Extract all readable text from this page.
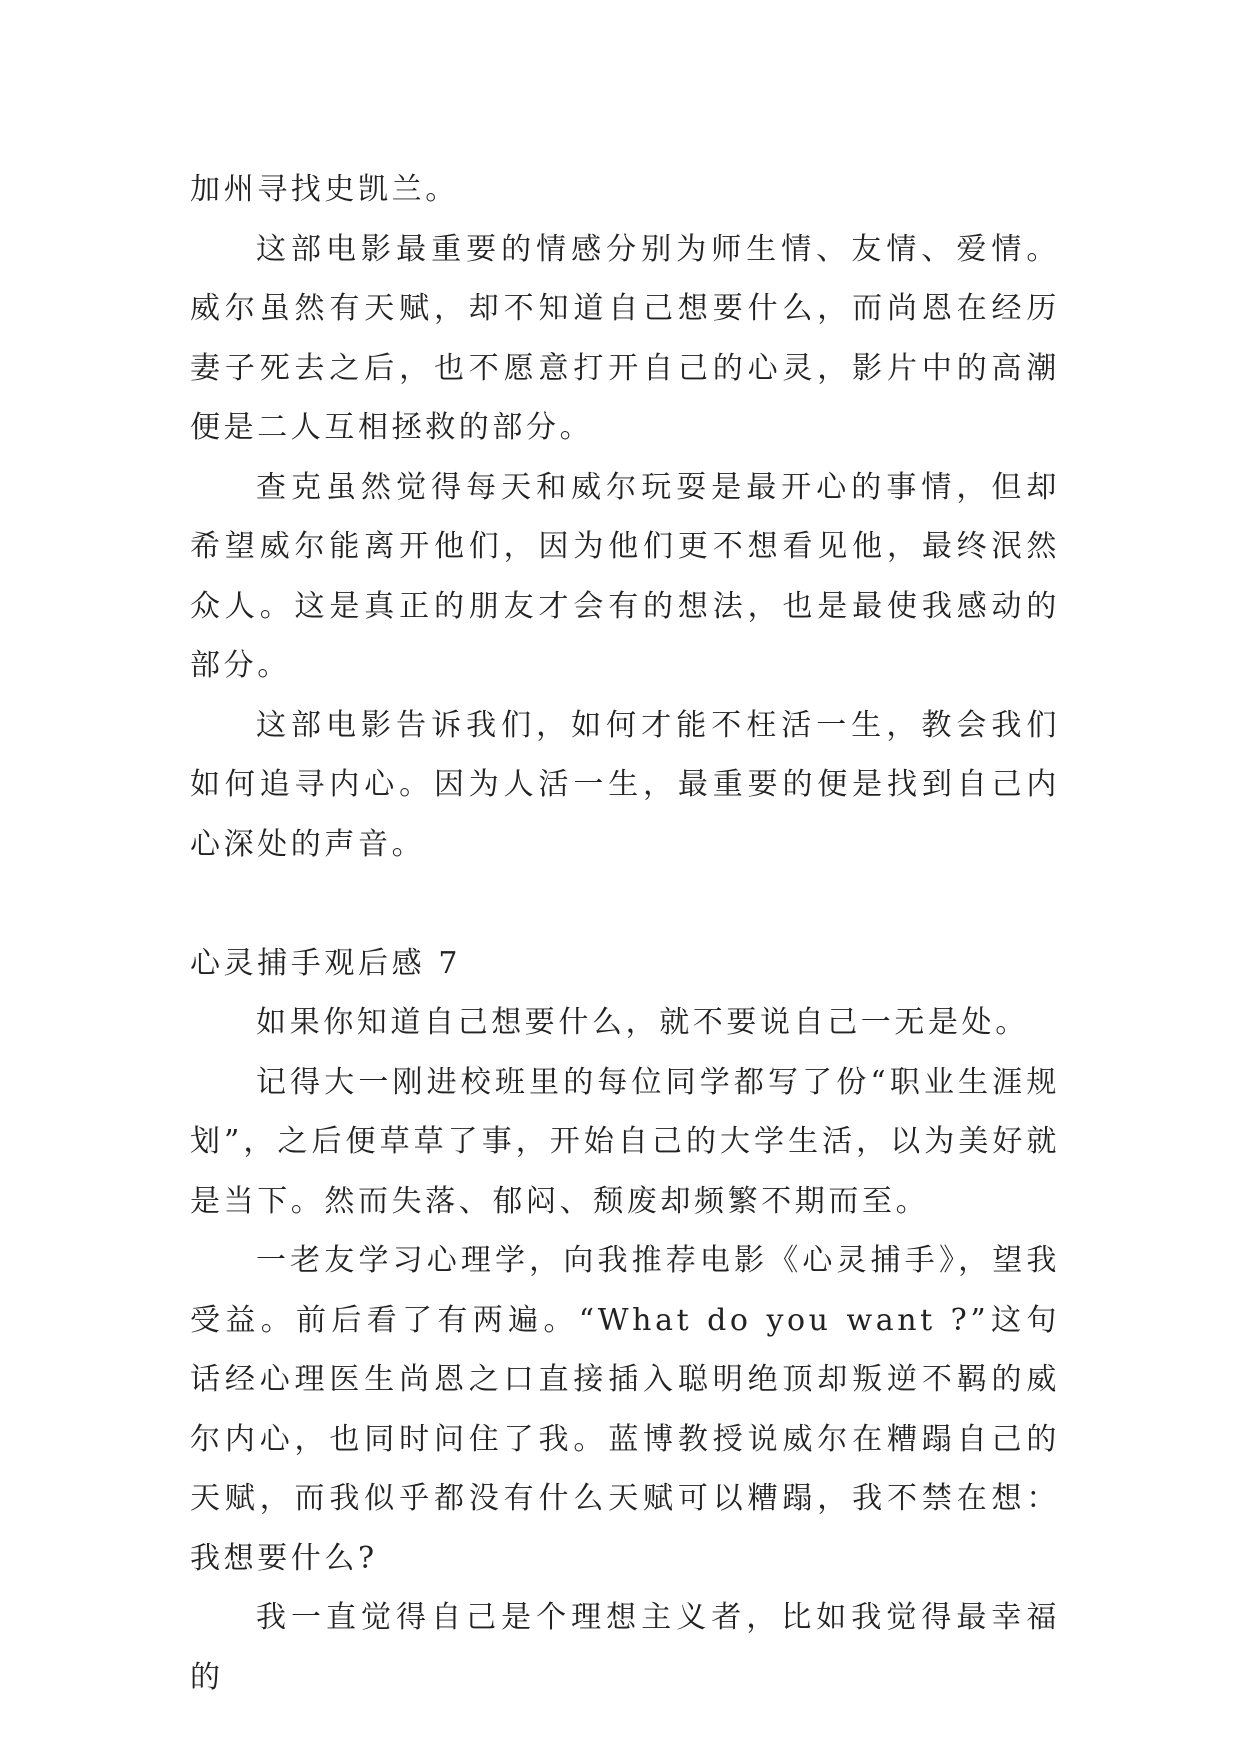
加州寻找史凯兰。

这部电影最重要的情感分别为师生情、友情、爱情。威尔虽然有天赋，却不知道自己想要什么，而尚恩在经历妻子死去之后，也不愿意打开自己的心灵，影片中的高潮便是二人互相拯救的部分。

查克虽然觉得每天和威尔玩耍是最开心的事情，但却希望威尔能离开他们，因为他们更不想看见他，最终泯然众人。这是真正的朋友才会有的想法，也是最使我感动的部分。

这部电影告诉我们，如何才能不枉活一生，教会我们如何追寻内心。因为人活一生，最重要的便是找到自己内心深处的声音。

心灵捕手观后感 7

如果你知道自己想要什么，就不要说自己一无是处。

记得大一刚进校班里的每位同学都写了份“职业生涯规划”，之后便草草了事，开始自己的大学生活，以为美好就是当下。然而失落、郁闷、颓废却频繁不期而至。

一老友学习心理学，向我推荐电影《心灵捕手》，望我受益。前后看了有两遍。“What do you want ?”这句话经心理医生尚恩之口直接插入聪明绝顶却叛逆不羁的威尔内心，也同时问住了我。蓝博教授说威尔在糟蹋自己的天赋，而我似乎都没有什么天赋可以糟蹋，我不禁在想：我想要什么?

我一直觉得自己是个理想主义者，比如我觉得最幸福的
